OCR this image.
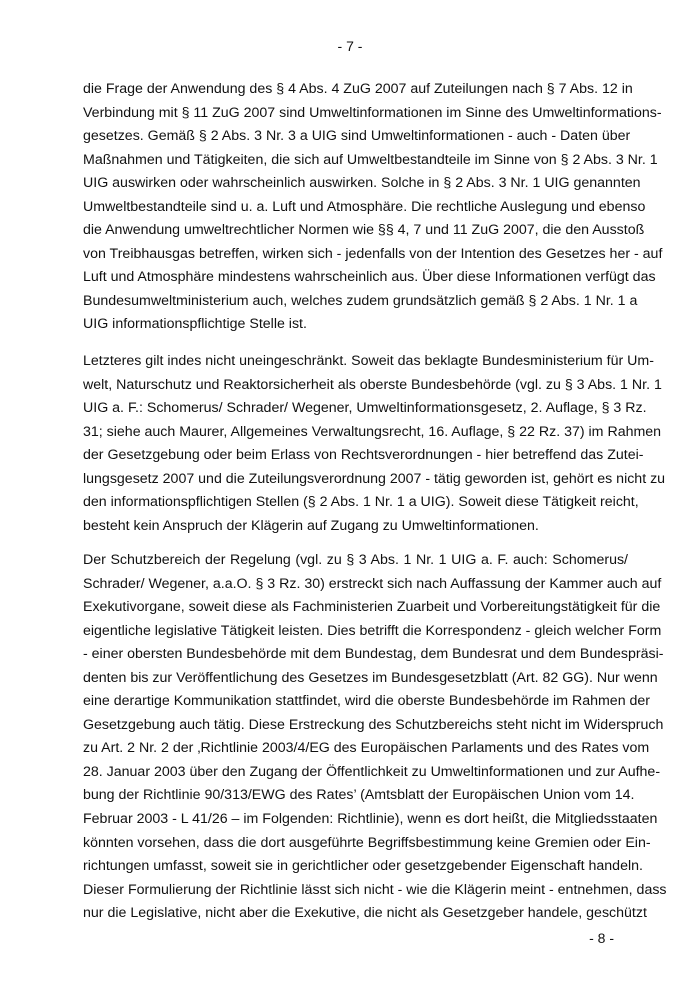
- 7 -
die Frage der Anwendung des § 4 Abs. 4 ZuG 2007 auf Zuteilungen nach § 7 Abs. 12 in
Verbindung mit § 11 ZuG 2007 sind Umweltinformationen im Sinne des Umweltinformations-
gesetzes. Gemäß § 2 Abs. 3 Nr. 3 a UIG sind Umweltinformationen - auch - Daten über
Maßnahmen und Tätigkeiten, die sich auf Umweltbestandteile im Sinne von § 2 Abs. 3 Nr. 1
UIG auswirken oder wahrscheinlich auswirken. Solche in § 2 Abs. 3 Nr. 1 UIG genannten
Umweltbestandteile sind u. a. Luft und Atmosphäre. Die rechtliche Auslegung und ebenso
die Anwendung umweltrechtlicher Normen wie §§ 4, 7 und 11 ZuG 2007, die den Ausstoß
von Treibhausgas betreffen, wirken sich - jedenfalls von der Intention des Gesetzes her - auf
Luft und Atmosphäre mindestens wahrscheinlich aus. Über diese Informationen verfügt das
Bundesumweltministerium auch, welches zudem grundsätzlich gemäß § 2 Abs. 1 Nr. 1 a
UIG informationspflichtige Stelle ist.
Letzteres gilt indes nicht uneingeschränkt. Soweit das beklagte Bundesministerium für Um-
welt, Naturschutz und Reaktorsicherheit als oberste Bundesbehörde (vgl. zu § 3 Abs. 1 Nr. 1
UIG a. F.: Schomerus/ Schrader/ Wegener, Umweltinformationsgesetz, 2. Auflage, § 3 Rz.
31; siehe auch Maurer, Allgemeines Verwaltungsrecht, 16. Auflage, § 22 Rz. 37) im Rahmen
der Gesetzgebung oder beim Erlass von Rechtsverordnungen - hier betreffend das Zutei-
lungsgesetz 2007 und die Zuteilungsverordnung 2007 - tätig geworden ist, gehört es nicht zu
den informationspflichtigen Stellen (§ 2 Abs. 1 Nr. 1 a UIG). Soweit diese Tätigkeit reicht,
besteht kein Anspruch der Klägerin auf Zugang zu Umweltinformationen.
Der Schutzbereich der Regelung (vgl. zu § 3 Abs. 1 Nr. 1 UIG a. F. auch: Schomerus/
Schrader/ Wegener, a.a.O. § 3 Rz. 30) erstreckt sich nach Auffassung der Kammer auch auf
Exekutivorgane, soweit diese als Fachministerien Zuarbeit und Vorbereitungstätigkeit für die
eigentliche legislative Tätigkeit leisten. Dies betrifft die Korrespondenz - gleich welcher Form
- einer obersten Bundesbehörde mit dem Bundestag, dem Bundesrat und dem Bundespräsi-
denten bis zur Veröffentlichung des Gesetzes im Bundesgesetzblatt (Art. 82 GG). Nur wenn
eine derartige Kommunikation stattfindet, wird die oberste Bundesbehörde im Rahmen der
Gesetzgebung auch tätig. Diese Erstreckung des Schutzbereichs steht nicht im Widerspruch
zu Art. 2 Nr. 2 der ‚Richtlinie 2003/4/EG des Europäischen Parlaments und des Rates vom
28. Januar 2003 über den Zugang der Öffentlichkeit zu Umweltinformationen und zur Aufhe-
bung der Richtlinie 90/313/EWG des Rates’ (Amtsblatt der Europäischen Union vom 14.
Februar 2003 - L 41/26 – im Folgenden: Richtlinie), wenn es dort heißt, die Mitgliedsstaaten
könnten vorsehen, dass die dort ausgeführte Begriffsbestimmung keine Gremien oder Ein-
richtungen umfasst, soweit sie in gerichtlicher oder gesetzgebender Eigenschaft handeln.
Dieser Formulierung der Richtlinie lässt sich nicht - wie die Klägerin meint - entnehmen, dass
nur die Legislative, nicht aber die Exekutive, die nicht als Gesetzgeber handele, geschützt
- 8 -
